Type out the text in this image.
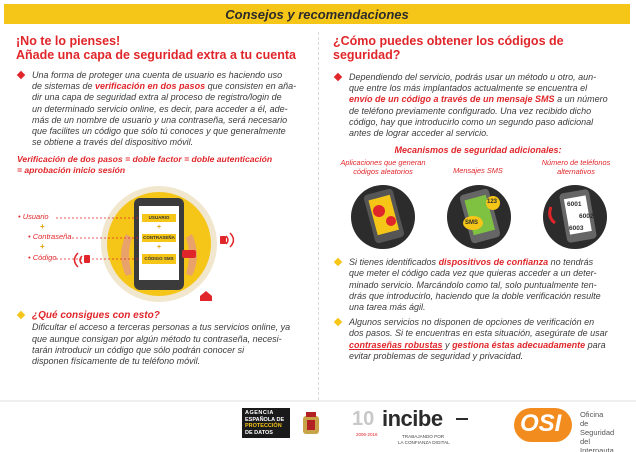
Consejos y recomendaciones
¡No te lo pienses!
Añade una capa de seguridad extra a tu cuenta
Una forma de proteger una cuenta de usuario es haciendo uso
de sistemas de verificación en dos pasos que consisten en aña-
dir una capa de seguridad extra al proceso de registro/login de
un determinado servicio online, es decir, para acceder a él, ade-
más de un nombre de usuario y una contraseña, será necesario
que facilites un código que sólo tú conoces y que generalmente
se obtiene a través del dispositivo móvil.
Verificación de dos pasos = doble factor = doble autenticación
= aprobación inicio sesión
• Usuario
+
• Contraseña
+
• Código
USUARIO
+
CONTRASEÑA
+
CÓDIGO SMS
¿Qué consigues con esto?
Dificultar el acceso a terceras personas a tus servicios online, ya
que aunque consigan por algún método tu contraseña, necesi-
tarán introducir un código que sólo podrán conocer si
disponen físicamente de tu teléfono móvil.
¿Cómo puedes obtener los códigos de seguridad?
Dependiendo del servicio, podrás usar un método u otro, aun-
que entre los más implantados actualmente se encuentra el
envío de un código a través de un mensaje SMS a un número
de teléfono previamente configurado. Una vez recibido dicho
código, hay que introducirlo como un segundo paso adicional
antes de lograr acceder al servicio.
Mecanismos de seguridad adicionales:
Aplicaciones que generan
códigos aleatorios	Mensajes SMS
Número de teléfonos
alternativos
123
SMS
6001
6002
6003
Si tienes identificados dispositivos de confianza no tendrás
que meter el código cada vez que quieras acceder a un deter-
minado servicio. Marcándolo como tal, solo puntualmente ten-
drás que introducirlo, haciendo que la doble verificación resulte
una tarea más ágil.
Algunos servicios no disponen de opciones de verificación en
dos pasos. Si te encuentras en esta situación, asegúrate de usar
contraseñas robustas y gestiona éstas adecuadamente para
evitar problemas de seguridad y privacidad.
AGENCIA
ESPAÑOLA DE
PROTECCIÓN
DE DATOS
10
2006-2016
incibe
TRABAJANDO POR
LA CONFIANZA DIGITAL
OSI Oficina
de Seguridad
del Internauta
